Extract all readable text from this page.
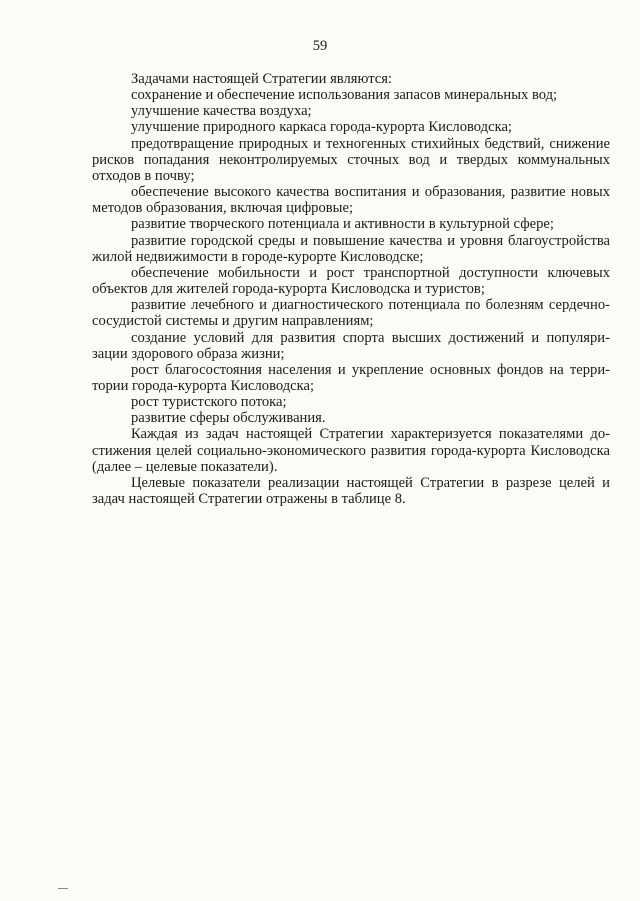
59

Задачами настоящей Стратегии являются:

сохранение и обеспечение использования запасов минеральных вод;

улучшение качества воздуха;

улучшение природного каркаса города-курорта Кисловодска;

предотвращение природных и техногенных стихийных бедствий, снижение рисков попадания неконтролируемых сточных вод и твердых коммунальных отходов в почву;

обеспечение высокого качества воспитания и образования, развитие новых методов образования, включая цифровые;

развитие творческого потенциала и активности в культурной сфере;

развитие городской среды и повышение качества и уровня благоустройства жилой недвижимости в городе-курорте Кисловодске;

обеспечение мобильности и рост транспортной доступности ключевых объектов для жителей города-курорта Кисловодска и туристов;

развитие лечебного и диагностического потенциала по болезням сердечно-сосудистой системы и другим направлениям;

создание условий для развития спорта высших достижений и популяризации здорового образа жизни;

рост благосостояния населения и укрепление основных фондов на территории города-курорта Кисловодска;

рост туристского потока;

развитие сферы обслуживания.

Каждая из задач настоящей Стратегии характеризуется показателями достижения целей социально-экономического развития города-курорта Кисловодска (далее – целевые показатели).

Целевые показатели реализации настоящей Стратегии в разрезе целей и задач настоящей Стратегии отражены в таблице 8.
